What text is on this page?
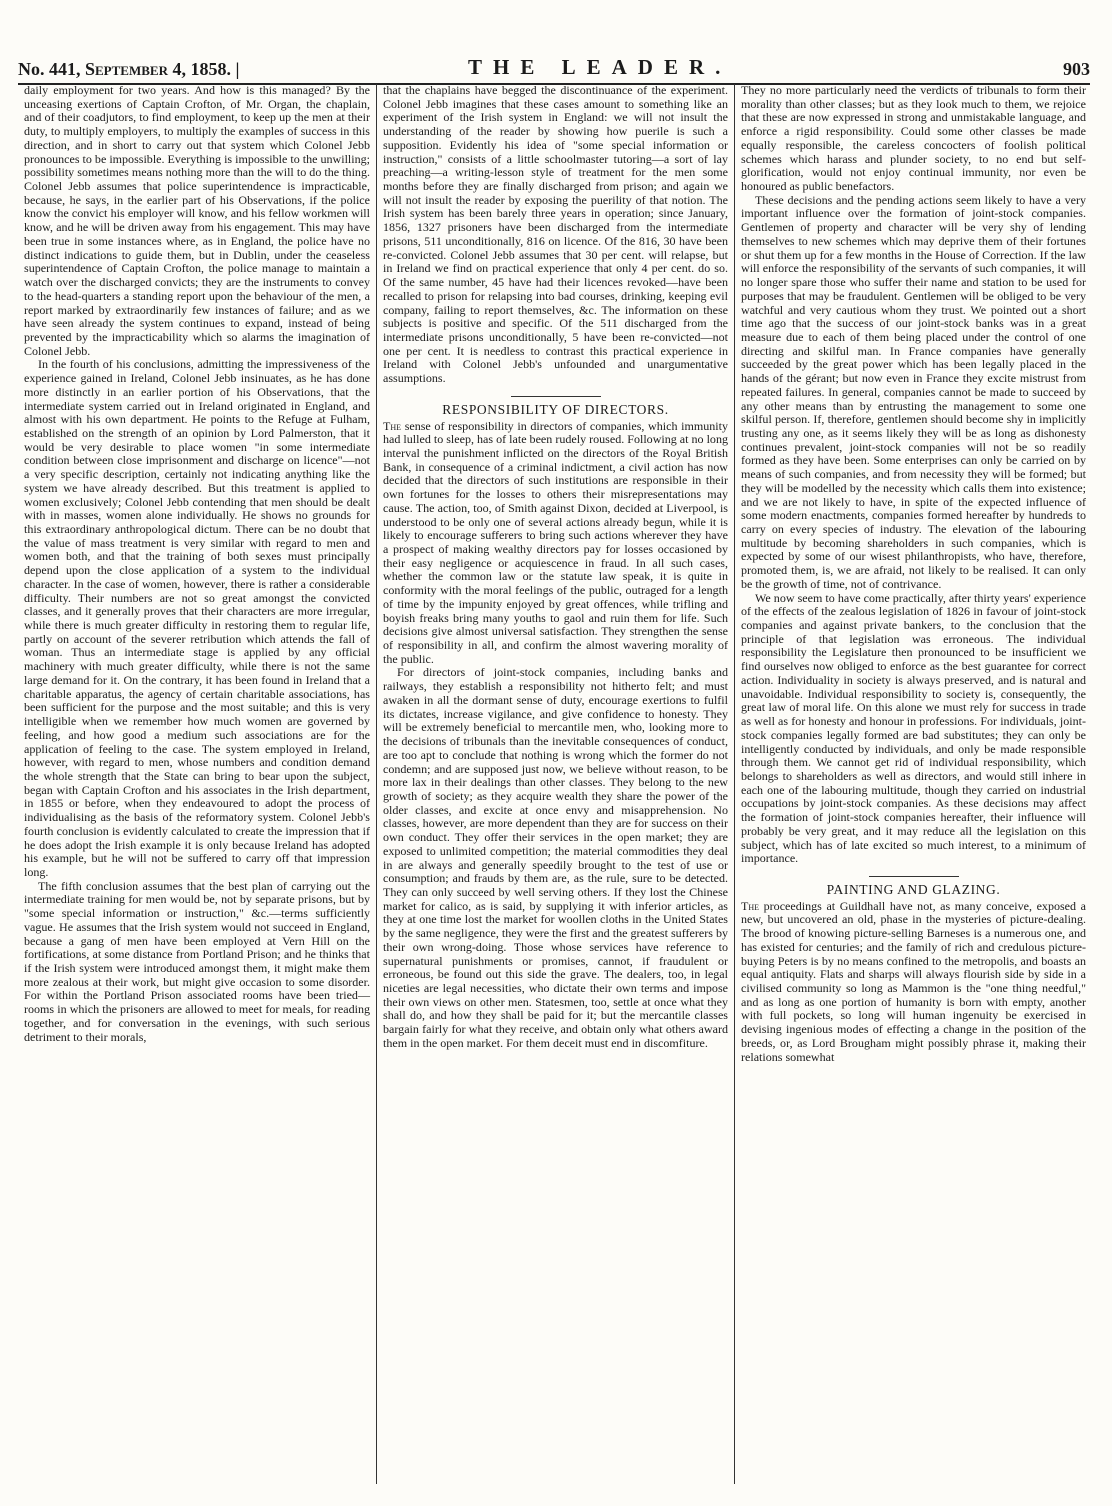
No. 441, September 4, 1858. |	THE LEADER.	903

daily employment for two years. And how is this managed? By the unceasing exertions of Captain Crofton, of Mr. Organ, the chaplain, and of their coadjutors, to find employment, to keep up the men at their duty, to multiply employers, to multiply the examples of success in this direction, and in short to carry out that system which Colonel Jebb pronounces to be impossible. Everything is impossible to the unwilling; possibility sometimes means nothing more than the will to do the thing. Colonel Jebb assumes that police superintendence is impracticable, because, he says, in the earlier part of his Observations, if the police know the convict his employer will know, and his fellow workmen will know, and he will be driven away from his engagement. This may have been true in some instances where, as in England, the police have no distinct indications to guide them, but in Dublin, under the ceaseless superintendence of Captain Crofton, the police manage to maintain a watch over the discharged convicts; they are the instruments to convey to the head-quarters a standing report upon the behaviour of the men, a report marked by extraordinarily few instances of failure; and as we have seen already the system continues to expand, instead of being prevented by the impracticability which so alarms the imagination of Colonel Jebb.

In the fourth of his conclusions, admitting the impressiveness of the experience gained in Ireland, Colonel Jebb insinuates, as he has done more distinctly in an earlier portion of his Observations, that the intermediate system carried out in Ireland originated in England, and almost with his own department. He points to the Refuge at Fulham, established on the strength of an opinion by Lord Palmerston, that it would be very desirable to place women "in some intermediate condition between close imprisonment and discharge on licence"—not a very specific description, certainly not indicating anything like the system we have already described. But this treatment is applied to women exclusively; Colonel Jebb contending that men should be dealt with in masses, women alone individually. He shows no grounds for this extraordinary anthropological dictum. There can be no doubt that the value of mass treatment is very similar with regard to men and women both, and that the training of both sexes must principally depend upon the close application of a system to the individual character. In the case of women, however, there is rather a considerable difficulty. Their numbers are not so great amongst the convicted classes, and it generally proves that their characters are more irregular, while there is much greater difficulty in restoring them to regular life, partly on account of the severer retribution which attends the fall of woman. Thus an intermediate stage is applied by any official machinery with much greater difficulty, while there is not the same large demand for it. On the contrary, it has been found in Ireland that a charitable apparatus, the agency of certain charitable associations, has been sufficient for the purpose and the most suitable; and this is very intelligible when we remember how much women are governed by feeling, and how good a medium such associations are for the application of feeling to the case. The system employed in Ireland, however, with regard to men, whose numbers and condition demand the whole strength that the State can bring to bear upon the subject, began with Captain Crofton and his associates in the Irish department, in 1855 or before, when they endeavoured to adopt the process of individualising as the basis of the reformatory system. Colonel Jebb's fourth conclusion is evidently calculated to create the impression that if he does adopt the Irish example it is only because Ireland has adopted his example, but he will not be suffered to carry off that impression long.

The fifth conclusion assumes that the best plan of carrying out the intermediate training for men would be, not by separate prisons, but by "some special information or instruction," &c.—terms sufficiently vague. He assumes that the Irish system would not succeed in England, because a gang of men have been employed at Vern Hill on the fortifications, at some distance from Portland Prison; and he thinks that if the Irish system were introduced amongst them, it might make them more zealous at their work, but might give occasion to some disorder. For within the Portland Prison associated rooms have been tried—rooms in which the prisoners are allowed to meet for meals, for reading together, and for conversation in the evenings, with such serious detriment to their morals,

that the chaplains have begged the discontinuance of the experiment. Colonel Jebb imagines that these cases amount to something like an experiment of the Irish system in England: we will not insult the understanding of the reader by showing how puerile is such a supposition. Evidently his idea of "some special information or instruction," consists of a little schoolmaster tutoring—a sort of lay preaching—a writing-lesson style of treatment for the men some months before they are finally discharged from prison; and again we will not insult the reader by exposing the puerility of that notion. The Irish system has been barely three years in operation; since January, 1856, 1327 prisoners have been discharged from the intermediate prisons, 511 unconditionally, 816 on licence. Of the 816, 30 have been re-convicted. Colonel Jebb assumes that 30 per cent. will relapse, but in Ireland we find on practical experience that only 4 per cent. do so. Of the same number, 45 have had their licences revoked—have been recalled to prison for relapsing into bad courses, drinking, keeping evil company, failing to report themselves, &c. The information on these subjects is positive and specific. Of the 511 discharged from the intermediate prisons unconditionally, 5 have been re-convicted—not one per cent. It is needless to contrast this practical experience in Ireland with Colonel Jebb's unfounded and unargumentative assumptions.

RESPONSIBILITY OF DIRECTORS.

The sense of responsibility in directors of companies, which immunity had lulled to sleep, has of late been rudely roused. Following at no long interval the punishment inflicted on the directors of the Royal British Bank, in consequence of a criminal indictment, a civil action has now decided that the directors of such institutions are responsible in their own fortunes for the losses to others their misrepresentations may cause. The action, too, of Smith against Dixon, decided at Liverpool, is understood to be only one of several actions already begun, while it is likely to encourage sufferers to bring such actions wherever they have a prospect of making wealthy directors pay for losses occasioned by their easy negligence or acquiescence in fraud. In all such cases, whether the common law or the statute law speak, it is quite in conformity with the moral feelings of the public, outraged for a length of time by the impunity enjoyed by great offences, while trifling and boyish freaks bring many youths to gaol and ruin them for life. Such decisions give almost universal satisfaction. They strengthen the sense of responsibility in all, and confirm the almost wavering morality of the public.

For directors of joint-stock companies, including banks and railways, they establish a responsibility not hitherto felt; and must awaken in all the dormant sense of duty, encourage exertions to fulfil its dictates, increase vigilance, and give confidence to honesty. They will be extremely beneficial to mercantile men, who, looking more to the decisions of tribunals than the inevitable consequences of conduct, are too apt to conclude that nothing is wrong which the former do not condemn; and are supposed just now, we believe without reason, to be more lax in their dealings than other classes. They belong to the new growth of society; as they acquire wealth they share the power of the older classes, and excite at once envy and misapprehension. No classes, however, are more dependent than they are for success on their own conduct. They offer their services in the open market; they are exposed to unlimited competition; the material commodities they deal in are always and generally speedily brought to the test of use or consumption; and frauds by them are, as the rule, sure to be detected. They can only succeed by well serving others. If they lost the Chinese market for calico, as is said, by supplying it with inferior articles, as they at one time lost the market for woollen cloths in the United States by the same negligence, they were the first and the greatest sufferers by their own wrong-doing. Those whose services have reference to supernatural punishments or promises, cannot, if fraudulent or erroneous, be found out this side the grave. The dealers, too, in legal niceties are legal necessities, who dictate their own terms and impose their own views on other men. Statesmen, too, settle at once what they shall do, and how they shall be paid for it; but the mercantile classes bargain fairly for what they receive, and obtain only what others award them in the open market. For them deceit must end in discomfiture.

They no more particularly need the verdicts of tribunals to form their morality than other classes; but as they look much to them, we rejoice that these are now expressed in strong and unmistakable language, and enforce a rigid responsibility. Could some other classes be made equally responsible, the careless concocters of foolish political schemes which harass and plunder society, to no end but self-glorification, would not enjoy continual immunity, nor even be honoured as public benefactors.

These decisions and the pending actions seem likely to have a very important influence over the formation of joint-stock companies. Gentlemen of property and character will be very shy of lending themselves to new schemes which may deprive them of their fortunes or shut them up for a few months in the House of Correction. If the law will enforce the responsibility of the servants of such companies, it will no longer spare those who suffer their name and station to be used for purposes that may be fraudulent. Gentlemen will be obliged to be very watchful and very cautious whom they trust. We pointed out a short time ago that the success of our joint-stock banks was in a great measure due to each of them being placed under the control of one directing and skilful man. In France companies have generally succeeded by the great power which has been legally placed in the hands of the gérant; but now even in France they excite mistrust from repeated failures. In general, companies cannot be made to succeed by any other means than by entrusting the management to some one skilful person. If, therefore, gentlemen should become shy in implicitly trusting any one, as it seems likely they will be as long as dishonesty continues prevalent, joint-stock companies will not be so readily formed as they have been. Some enterprises can only be carried on by means of such companies, and from necessity they will be formed; but they will be modelled by the necessity which calls them into existence; and we are not likely to have, in spite of the expected influence of some modern enactments, companies formed hereafter by hundreds to carry on every species of industry. The elevation of the labouring multitude by becoming shareholders in such companies, which is expected by some of our wisest philanthropists, who have, therefore, promoted them, is, we are afraid, not likely to be realised. It can only be the growth of time, not of contrivance.

We now seem to have come practically, after thirty years' experience of the effects of the zealous legislation of 1826 in favour of joint-stock companies and against private bankers, to the conclusion that the principle of that legislation was erroneous. The individual responsibility the Legislature then pronounced to be insufficient we find ourselves now obliged to enforce as the best guarantee for correct action. Individuality in society is always preserved, and is natural and unavoidable. Individual responsibility to society is, consequently, the great law of moral life. On this alone we must rely for success in trade as well as for honesty and honour in professions. For individuals, joint-stock companies legally formed are bad substitutes; they can only be intelligently conducted by individuals, and only be made responsible through them. We cannot get rid of individual responsibility, which belongs to shareholders as well as directors, and would still inhere in each one of the labouring multitude, though they carried on industrial occupations by joint-stock companies. As these decisions may affect the formation of joint-stock companies hereafter, their influence will probably be very great, and it may reduce all the legislation on this subject, which has of late excited so much interest, to a minimum of importance.

PAINTING AND GLAZING.

The proceedings at Guildhall have not, as many conceive, exposed a new, but uncovered an old, phase in the mysteries of picture-dealing. The brood of knowing picture-selling Barneses is a numerous one, and has existed for centuries; and the family of rich and credulous picture-buying Peters is by no means confined to the metropolis, and boasts an equal antiquity. Flats and sharps will always flourish side by side in a civilised community so long as Mammon is the "one thing needful," and as long as one portion of humanity is born with empty, another with full pockets, so long will human ingenuity be exercised in devising ingenious modes of effecting a change in the position of the breeds, or, as Lord Brougham might possibly phrase it, making their relations somewhat
